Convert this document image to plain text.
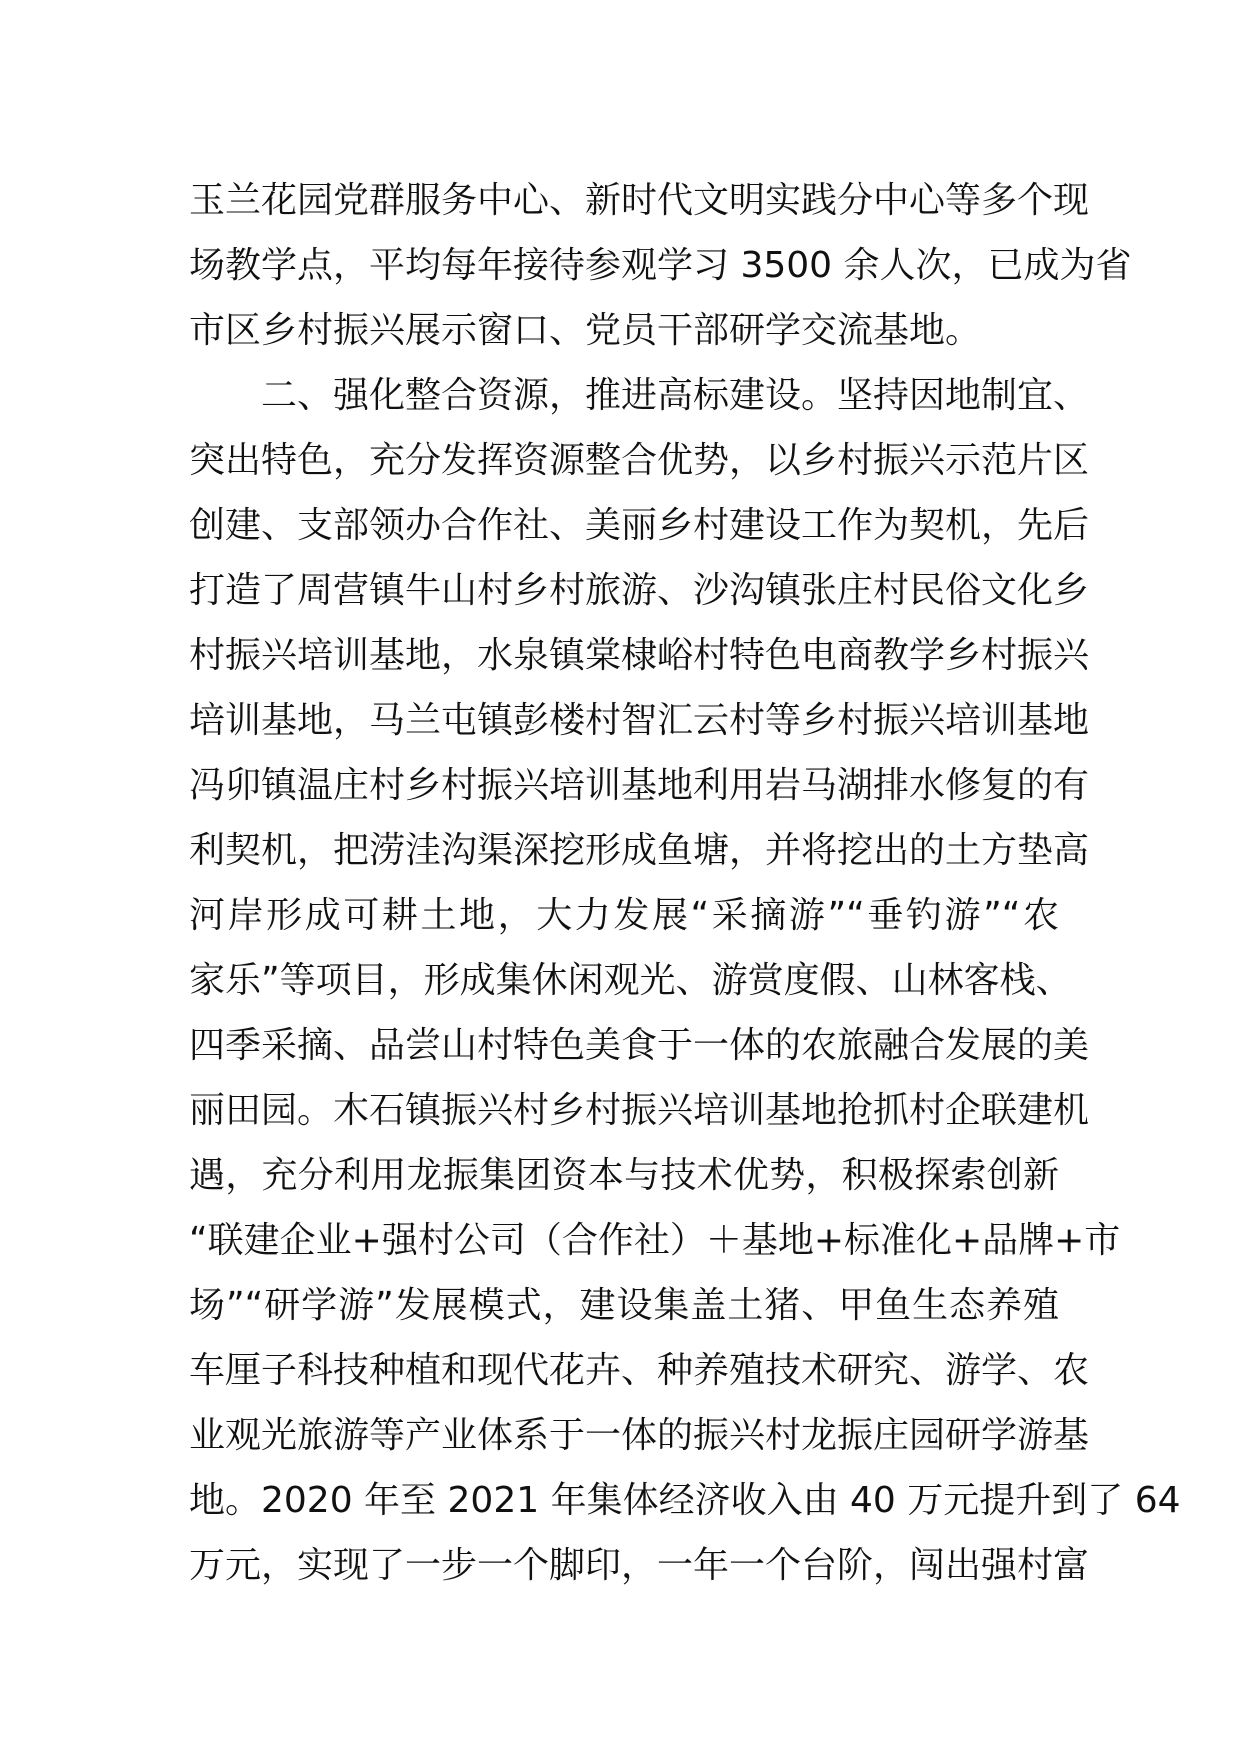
玉兰花园党群服务中心、新时代文明实践分中心等多个现
场教学点，平均每年接待参观学习 3500 余人次，已成为省
市区乡村振兴展示窗口、党员干部研学交流基地。
二、强化整合资源，推进高标建设。坚持因地制宜、
突出特色，充分发挥资源整合优势，以乡村振兴示范片区
创建、支部领办合作社、美丽乡村建设工作为契机，先后
打造了周营镇牛山村乡村旅游、沙沟镇张庄村民俗文化乡
村振兴培训基地，水泉镇棠棣峪村特色电商教学乡村振兴
培训基地，马兰屯镇彭楼村智汇云村等乡村振兴培训基地
冯卯镇温庄村乡村振兴培训基地利用岩马湖排水修复的有
利契机，把涝洼沟渠深挖形成鱼塘，并将挖出的土方垫高
河岸形成可耕土地，大力发展“采摘游”“垂钓游”“农
家乐”等项目，形成集休闲观光、游赏度假、山林客栈、
四季采摘、品尝山村特色美食于一体的农旅融合发展的美
丽田园。木石镇振兴村乡村振兴培训基地抢抓村企联建机
遇，充分利用龙振集团资本与技术优势，积极探索创新
“联建企业+强村公司（合作社）＋基地+标准化+品牌+市
场”“研学游”发展模式，建设集盖土猪、甲鱼生态养殖
车厘子科技种植和现代花卉、种养殖技术研究、游学、农
业观光旅游等产业体系于一体的振兴村龙振庄园研学游基
地。2020 年至 2021 年集体经济收入由 40 万元提升到了 64
万元，实现了一步一个脚印，一年一个台阶，闯出强村富
